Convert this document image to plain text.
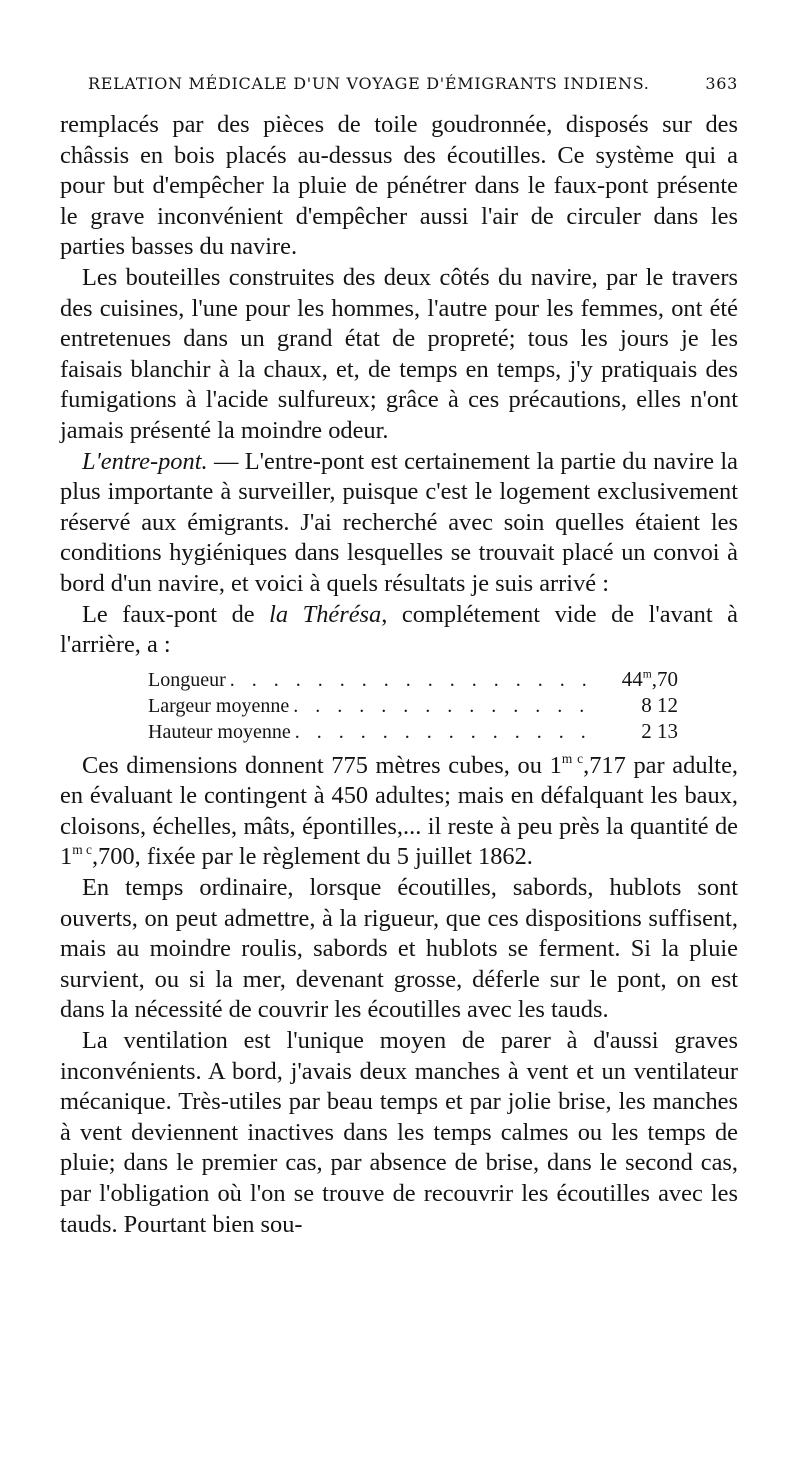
RELATION MÉDICALE D'UN VOYAGE D'ÉMIGRANTS INDIENS.	363

remplacés par des pièces de toile goudronnée, disposés sur des châssis en bois placés au-dessus des écoutilles. Ce système qui a pour but d'empêcher la pluie de pénétrer dans le faux-pont présente le grave inconvénient d'empêcher aussi l'air de circuler dans les parties basses du navire.

Les bouteilles construites des deux côtés du navire, par le travers des cuisines, l'une pour les hommes, l'autre pour les femmes, ont été entretenues dans un grand état de propreté; tous les jours je les faisais blanchir à la chaux, et, de temps en temps, j'y pratiquais des fumigations à l'acide sulfureux; grâce à ces précautions, elles n'ont jamais présenté la moindre odeur.

L'entre-pont. — L'entre-pont est certainement la partie du navire la plus importante à surveiller, puisque c'est le logement exclusivement réservé aux émigrants. J'ai recherché avec soin quelles étaient les conditions hygiéniques dans lesquelles se trouvait placé un convoi à bord d'un navire, et voici à quels résultats je suis arrivé :

Le faux-pont de la Thérésa, complétement vide de l'avant à l'arrière, a :

Longueur . . .	44$^m$,70
Largeur moyenne . . .	8 12
Hauteur moyenne . . .	2 13

Ces dimensions donnent 775 mètres cubes, ou $1^{m c},717$ par adulte, en évaluant le contingent à 450 adultes; mais en défalquant les baux, cloisons, échelles, mâts, épontilles,... il reste à peu près la quantité de $1^{m c},700$, fixée par le règlement du 5 juillet 1862.

En temps ordinaire, lorsque écoutilles, sabords, hublots sont ouverts, on peut admettre, à la rigueur, que ces dispositions suffisent, mais au moindre roulis, sabords et hublots se ferment. Si la pluie survient, ou si la mer, devenant grosse, déferle sur le pont, on est dans la nécessité de couvrir les écoutilles avec les tauds.

La ventilation est l'unique moyen de parer à d'aussi graves inconvénients. A bord, j'avais deux manches à vent et un ventilateur mécanique. Très-utiles par beau temps et par jolie brise, les manches à vent deviennent inactives dans les temps calmes ou les temps de pluie; dans le premier cas, par absence de brise, dans le second cas, par l'obligation où l'on se trouve de recouvrir les écoutilles avec les tauds. Pourtant bien sou-
